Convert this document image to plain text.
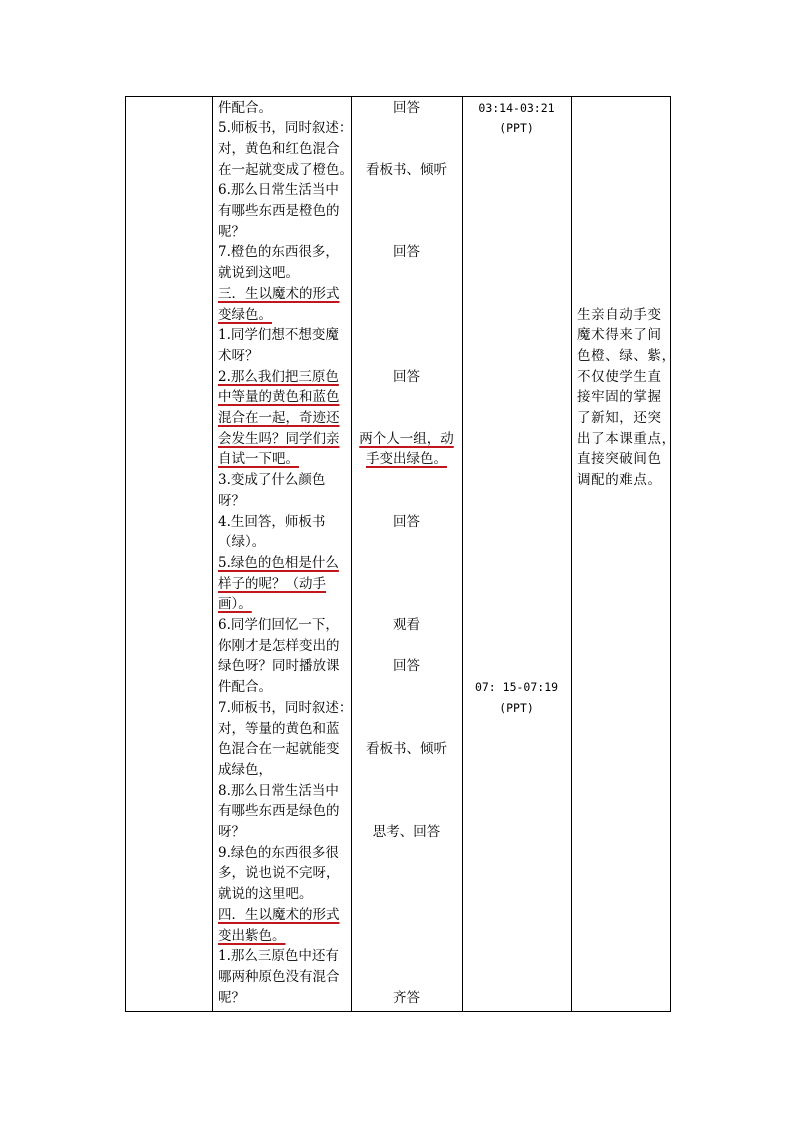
件配合。
5.师板书，同时叙述：
对，黄色和红色混合
在一起就变成了橙色。
6.那么日常生活当中
有哪些东西是橙色的
呢？
7.橙色的东西很多，
就说到这吧。
三．生以魔术的形式
变绿色。
1.同学们想不想变魔
术呀？
2.那么我们把三原色
中等量的黄色和蓝色
混合在一起，奇迹还
会发生吗？同学们亲
自试一下吧。
3.变成了什么颜色
呀？
4.生回答，师板书
（绿）。
5.绿色的色相是什么
样子的呢？（动手
画）。
6.同学们回忆一下，
你刚才是怎样变出的
绿色呀？同时播放课
件配合。
7.师板书，同时叙述：
对，等量的黄色和蓝
色混合在一起就能变
成绿色，
8.那么日常生活当中
有哪些东西是绿色的
呀？
9.绿色的东西很多很
多，说也说不完呀，
就说的这里吧。
四．生以魔术的形式
变出紫色。
1.那么三原色中还有
哪两种原色没有混合
呢？
回答
看板书、倾听
回答
回答
两个人一组，动
手变出绿色。
回答
观看
回答
看板书、倾听
思考、回答
齐答
03:14-03:21
(PPT)
07: 15-07:19
(PPT)
生亲自动手变
魔术得来了间
色橙、绿、紫，
不仅使学生直
接牢固的掌握
了新知，还突
出了本课重点，
直接突破间色
调配的难点。
